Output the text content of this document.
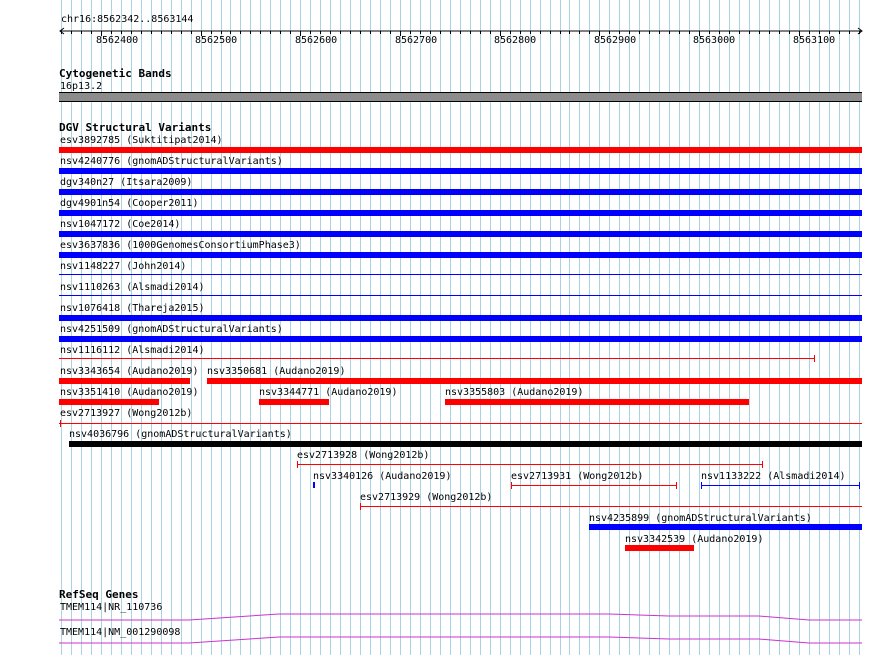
chr16:8562342..8563144
8562400	8562500	8562600	8562700	8562800	8562900	8563000	8563100
Cytogenetic Bands
16p13.2
DGV Structural Variants
esv3892785 (Suktitipat2014)
nsv4240776 (gnomADStructuralVariants)
dgv340n27 (Itsara2009)
dgv4901n54 (Cooper2011)
nsv1047172 (Coe2014)
esv3637836 (1000GenomesConsortiumPhase3)
nsv1148227 (John2014)
nsv1110263 (Alsmadi2014)
nsv1076418 (Thareja2015)
nsv4251509 (gnomADStructuralVariants)
nsv1116112 (Alsmadi2014)
nsv3343654 (Audano2019) nsv3350681 (Audano2019)
nsv3351410 (Audano2019)	nsv3344771 (Audano2019)	nsv3355803 (Audano2019)
esv2713927 (Wong2012b)
nsv4036796 (gnomADStructuralVariants)
esv2713928 (Wong2012b)
nsv3340126 (Audano2019)	esv2713931 (Wong2012b)	nsv1133222 (Alsmadi2014)
esv2713929 (Wong2012b)
nsv4235899 (gnomADStructuralVariants)
nsv3342539 (Audano2019)
RefSeq Genes
TMEM114|NR_110736
TMEM114|NM_001290098
